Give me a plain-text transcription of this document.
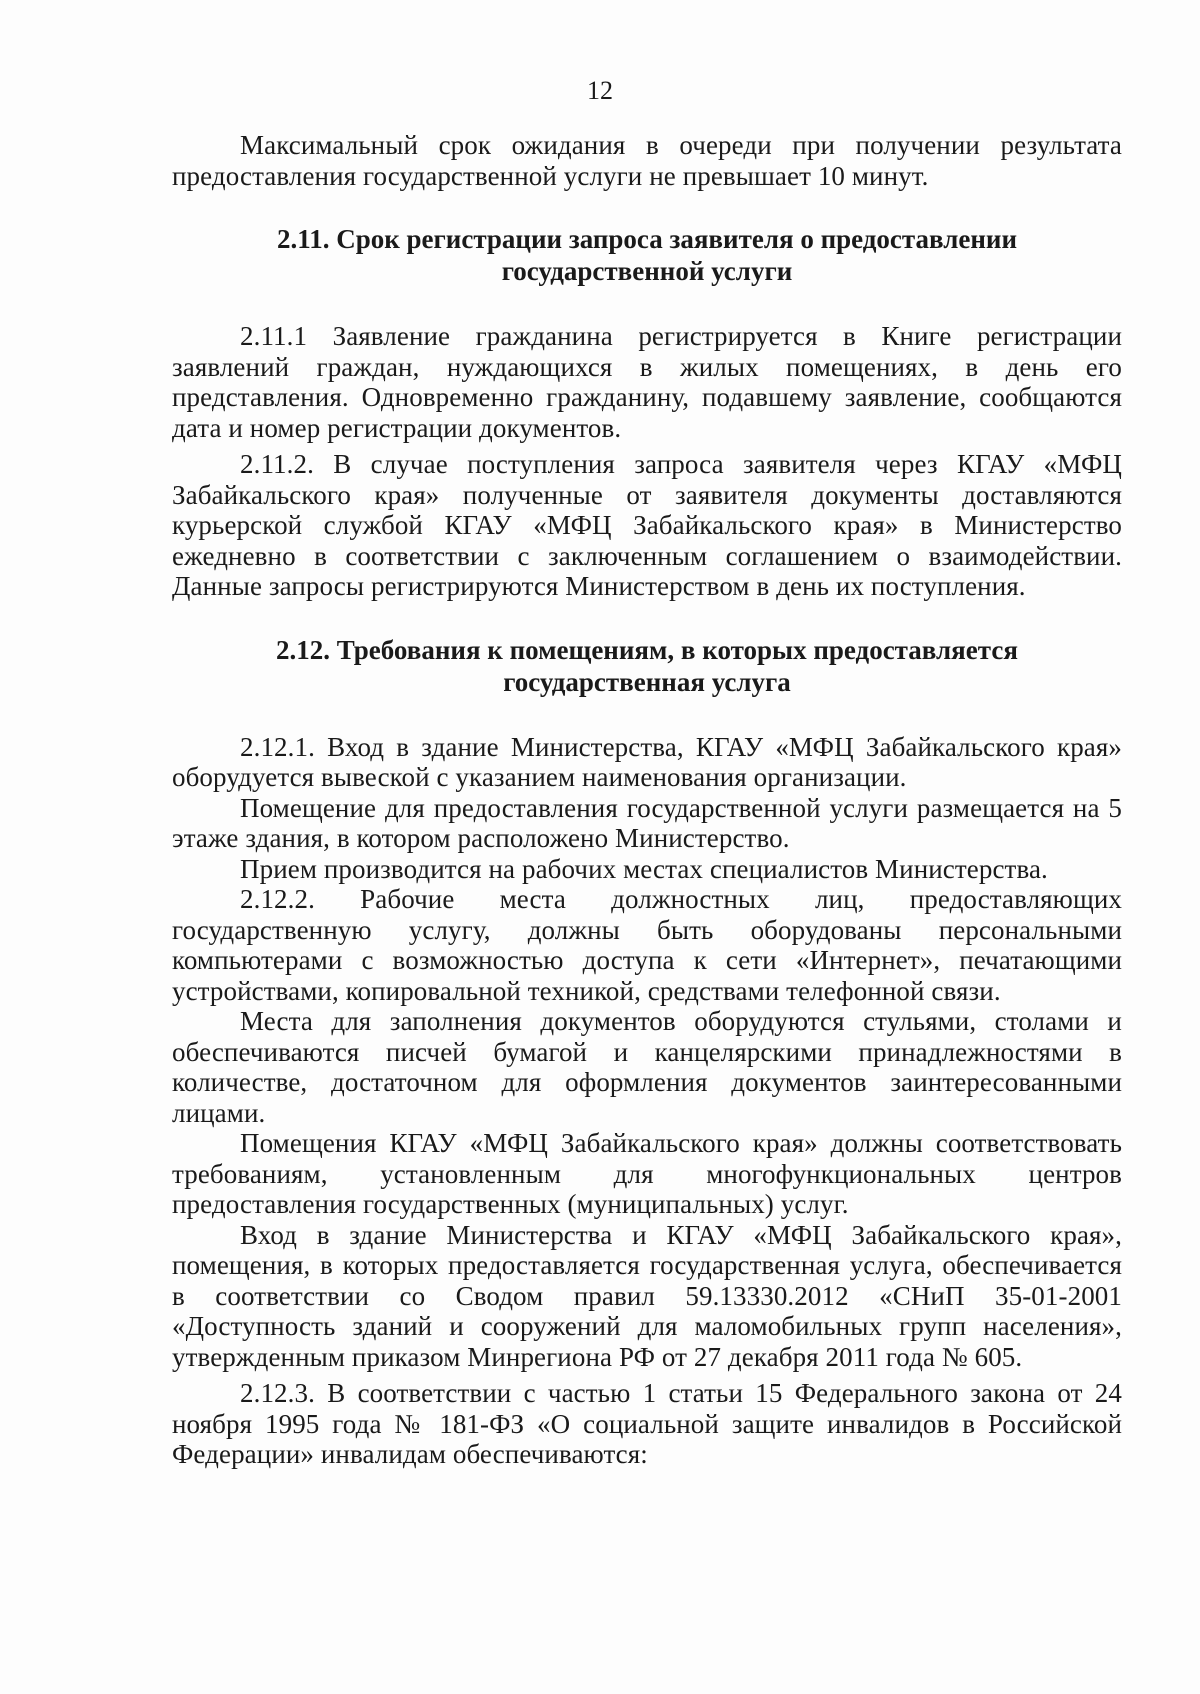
12

Максимальный срок ожидания в очереди при получении результата предоставления государственной услуги не превышает 10 минут.

2.11. Срок регистрации запроса заявителя о предоставлении государственной услуги

2.11.1 Заявление гражданина регистрируется в Книге регистрации заявлений граждан, нуждающихся в жилых помещениях, в день его представления. Одновременно гражданину, подавшему заявление, сообщаются дата и номер регистрации документов.

2.11.2. В случае поступления запроса заявителя через КГАУ «МФЦ Забайкальского края» полученные от заявителя документы доставляются курьерской службой КГАУ «МФЦ Забайкальского края» в Министерство ежедневно в соответствии с заключенным соглашением о взаимодействии. Данные запросы регистрируются Министерством в день их поступления.

2.12. Требования к помещениям, в которых предоставляется государственная услуга

2.12.1. Вход в здание Министерства, КГАУ «МФЦ Забайкальского края» оборудуется вывеской с указанием наименования организации.

Помещение для предоставления государственной услуги размещается на 5 этаже здания, в котором расположено Министерство.

Прием производится на рабочих местах специалистов Министерства.

2.12.2. Рабочие места должностных лиц, предоставляющих государственную услугу, должны быть оборудованы персональными компьютерами с возможностью доступа к сети «Интернет», печатающими устройствами, копировальной техникой, средствами телефонной связи.

Места для заполнения документов оборудуются стульями, столами и обеспечиваются писчей бумагой и канцелярскими принадлежностями в количестве, достаточном для оформления документов заинтересованными лицами.

Помещения КГАУ «МФЦ Забайкальского края» должны соответствовать требованиям, установленным для многофункциональных центров предоставления государственных (муниципальных) услуг.

Вход в здание Министерства и КГАУ «МФЦ Забайкальского края», помещения, в которых предоставляется государственная услуга, обеспечивается в соответствии со Сводом правил 59.13330.2012 «СНиП 35-01-2001 «Доступность зданий и сооружений для маломобильных групп населения», утвержденным приказом Минрегиона РФ от 27 декабря 2011 года № 605.

2.12.3. В соответствии с частью 1 статьи 15 Федерального закона от 24 ноября 1995 года № 181-ФЗ «О социальной защите инвалидов в Российской Федерации» инвалидам обеспечиваются:
